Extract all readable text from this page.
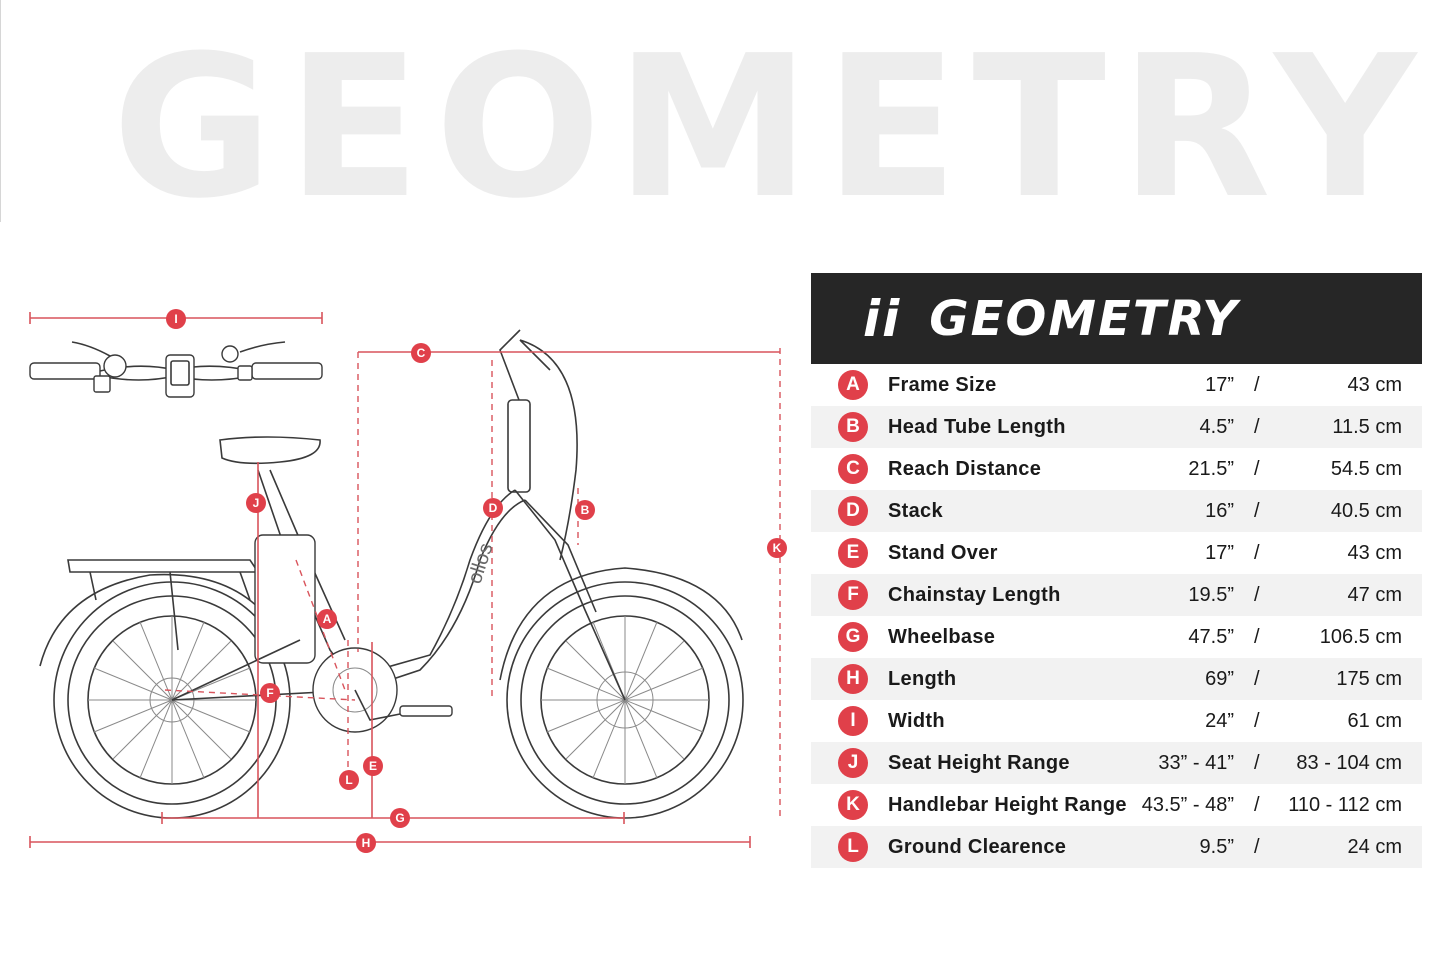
GEOMETRY
A
B
C
D
E
F
G
H
I
J
K
L
ollos
ii GEOMETRY
A	Frame Size	17” /	43 cm
B	Head Tube Length	4.5” /	11.5 cm
C	Reach Distance	21.5” /	54.5 cm
D	Stack	16” /	40.5 cm
E	Stand Over	17” /	43 cm
F	Chainstay Length	19.5” /	47 cm
G	Wheelbase	47.5” /	106.5 cm
H	Length	69” /	175 cm
I	Width	24” /	61 cm
J	Seat Height Range	33” - 41” / 83 - 104 cm
K	Handlebar Height Range 43.5” - 48” / 110 - 112 cm
L	Ground Clearence	9.5” /	24 cm
